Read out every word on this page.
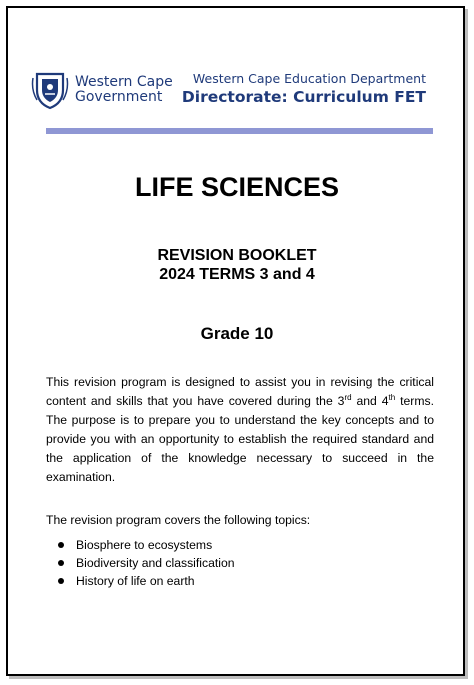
Western Cape
Government
Western Cape Education Department
Directorate: Curriculum FET
LIFE SCIENCES
REVISION BOOKLET
2024 TERMS 3 and 4
Grade 10
This revision program is designed to assist you in revising the critical content and skills that you have covered during the 3rd and 4th terms. The purpose is to prepare you to understand the key concepts and to provide you with an opportunity to establish the required standard and the application of the knowledge necessary to succeed in the examination.
The revision program covers the following topics:
Biosphere to ecosystems
Biodiversity and classification
History of life on earth
